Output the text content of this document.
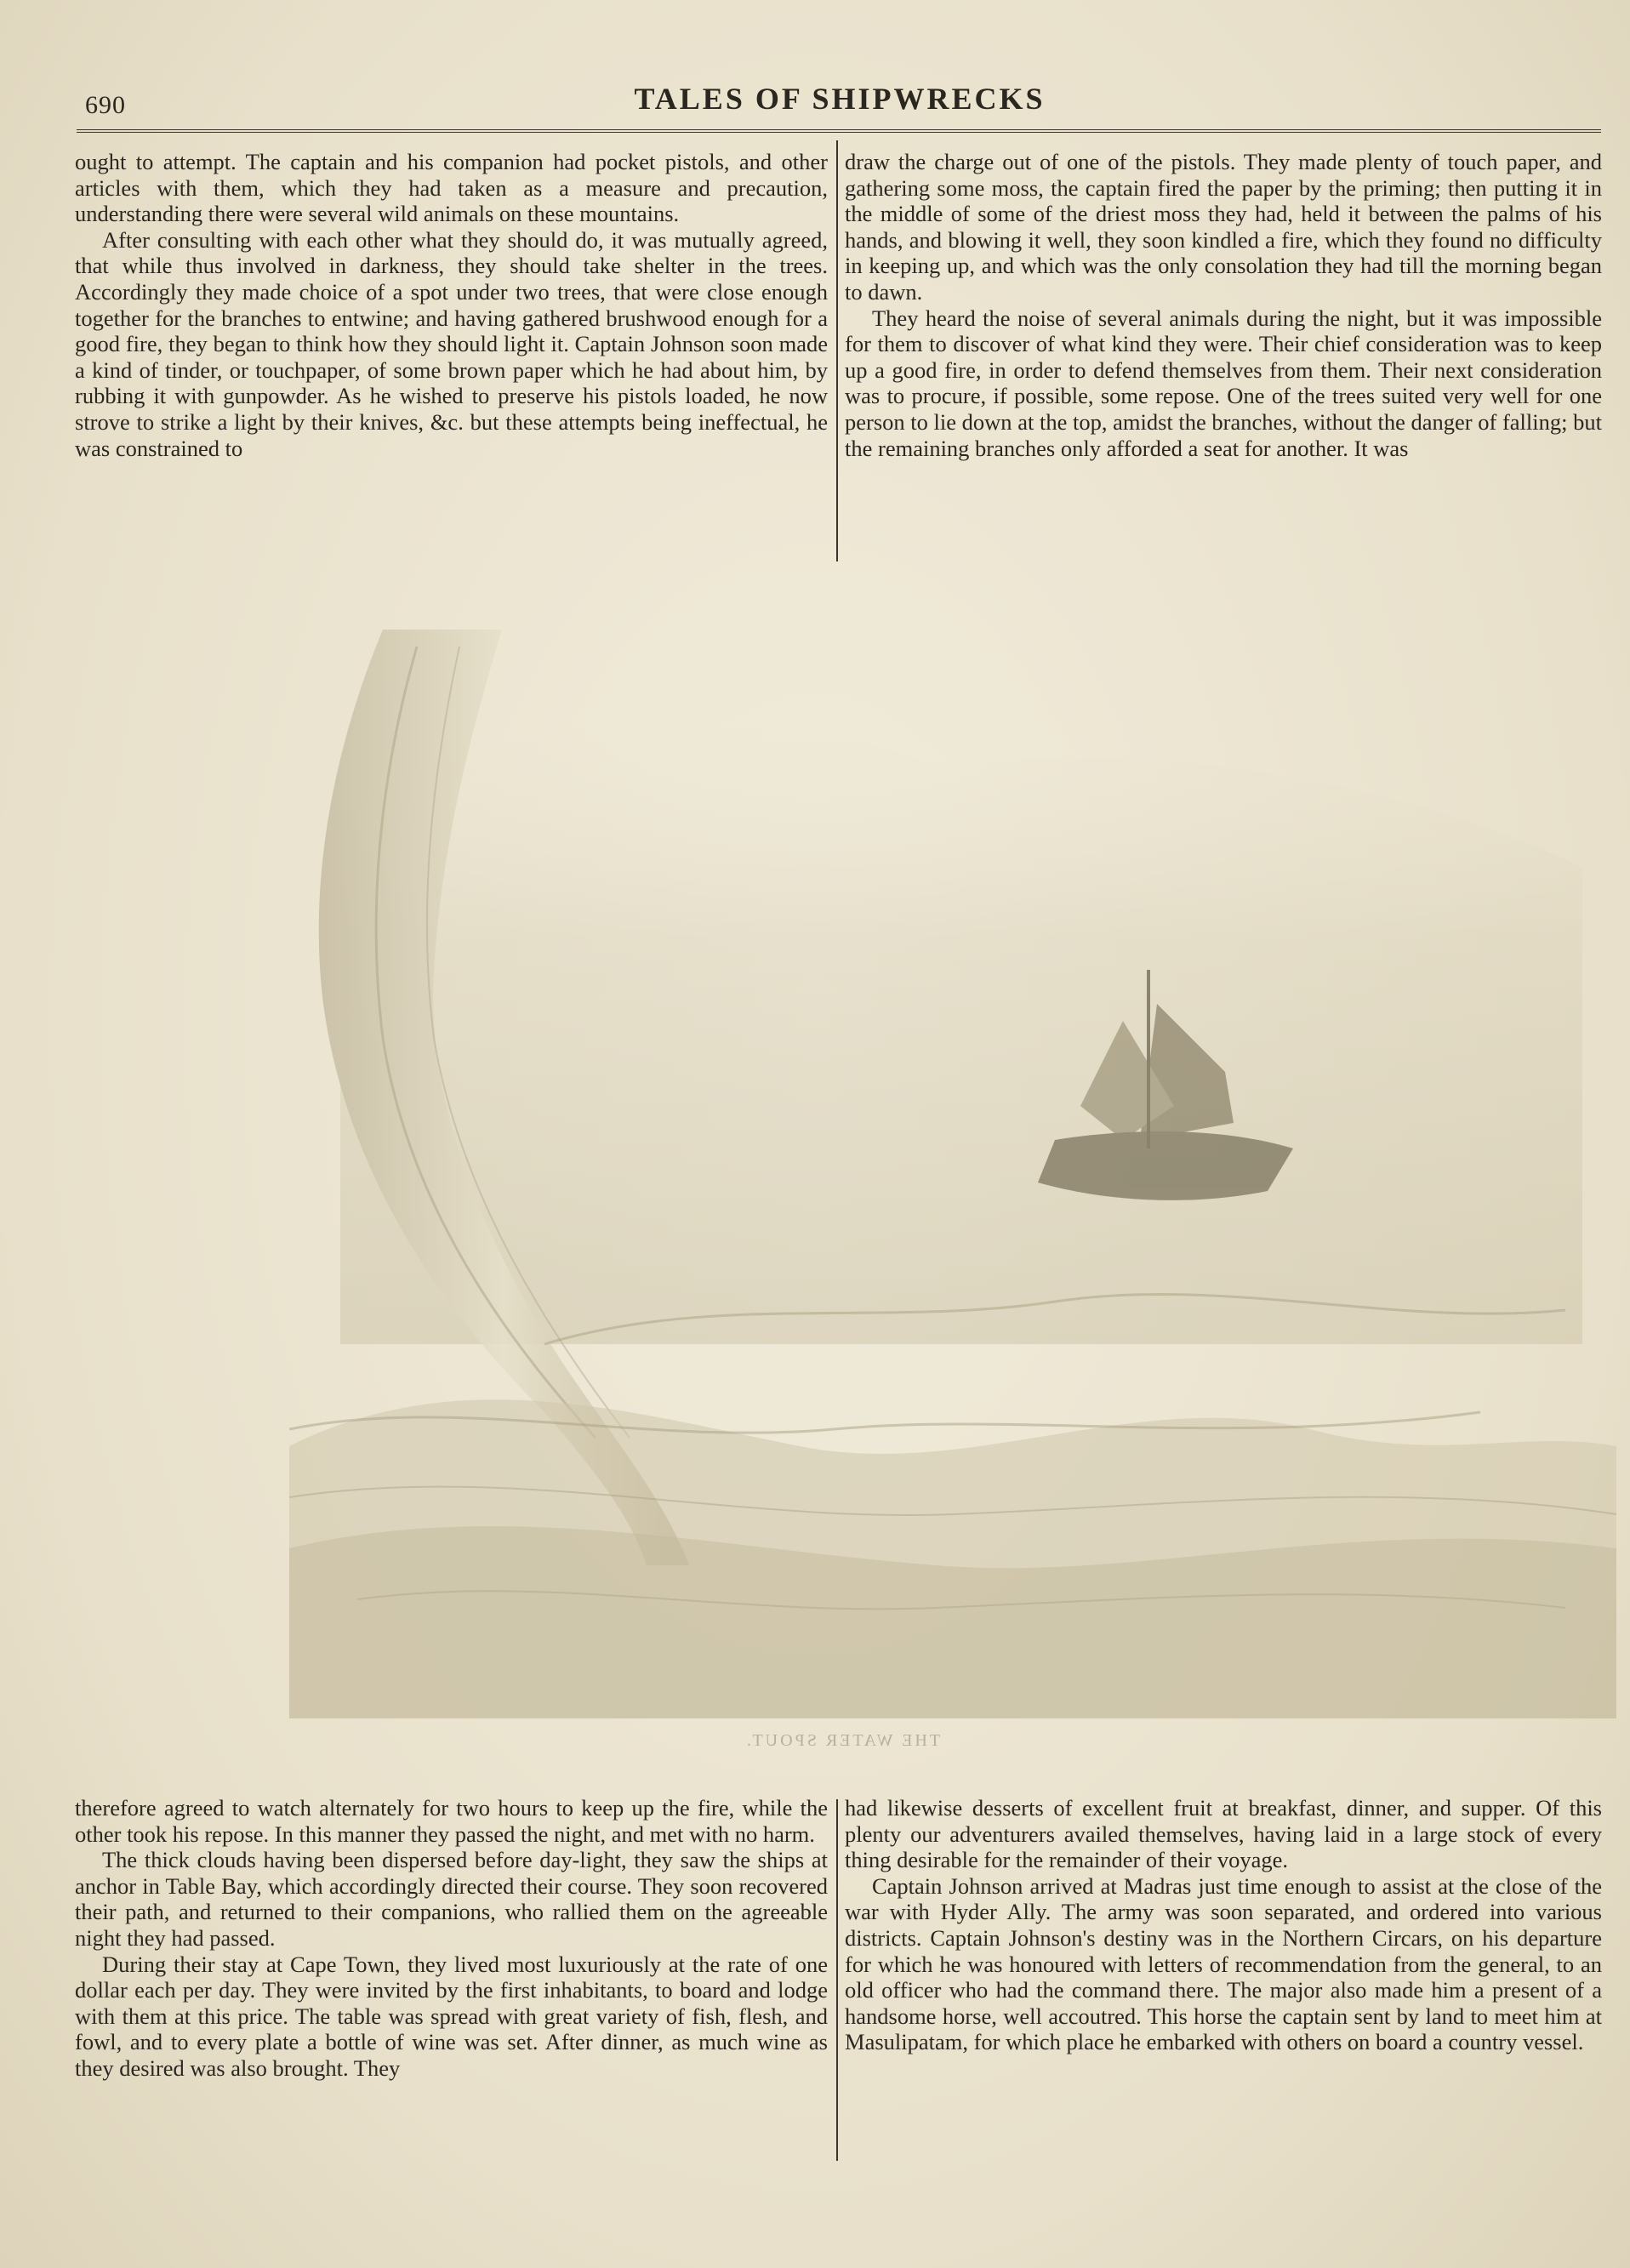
690	TALES OF SHIPWRECKS

ought to attempt. The captain and his companion had pocket pistols, and other articles with them, which they had taken as a measure and precaution, understanding there were several wild animals on these mountains.

After consulting with each other what they should do, it was mutually agreed, that while thus involved in darkness, they should take shelter in the trees. Accordingly they made choice of a spot under two trees, that were close enough together for the branches to entwine; and having gathered brushwood enough for a good fire, they began to think how they should light it. Captain Johnson soon made a kind of tinder, or touchpaper, of some brown paper which he had about him, by rubbing it with gunpowder. As he wished to preserve his pistols loaded, he now strove to strike a light by their knives, &c. but these attempts being ineffectual, he was constrained to

draw the charge out of one of the pistols. They made plenty of touch paper, and gathering some moss, the captain fired the paper by the priming; then putting it in the middle of some of the driest moss they had, held it between the palms of his hands, and blowing it well, they soon kindled a fire, which they found no difficulty in keeping up, and which was the only consolation they had till the morning began to dawn.

They heard the noise of several animals during the night, but it was impossible for them to discover of what kind they were. Their chief consideration was to keep up a good fire, in order to defend themselves from them. Their next consideration was to procure, if possible, some repose. One of the trees suited very well for one person to lie down at the top, amidst the branches, without the danger of falling; but the remaining branches only afforded a seat for another. It was

THE WATER SPOUT.

therefore agreed to watch alternately for two hours to keep up the fire, while the other took his repose. In this manner they passed the night, and met with no harm.

The thick clouds having been dispersed before day-light, they saw the ships at anchor in Table Bay, which accordingly directed their course. They soon recovered their path, and returned to their companions, who rallied them on the agreeable night they had passed.

During their stay at Cape Town, they lived most luxuriously at the rate of one dollar each per day. They were invited by the first inhabitants, to board and lodge with them at this price. The table was spread with great variety of fish, flesh, and fowl, and to every plate a bottle of wine was set. After dinner, as much wine as they desired was also brought. They

had likewise desserts of excellent fruit at breakfast, dinner, and supper. Of this plenty our adventurers availed themselves, having laid in a large stock of every thing desirable for the remainder of their voyage.

Captain Johnson arrived at Madras just time enough to assist at the close of the war with Hyder Ally. The army was soon separated, and ordered into various districts. Captain Johnson's destiny was in the Northern Circars, on his departure for which he was honoured with letters of recommendation from the general, to an old officer who had the command there. The major also made him a present of a handsome horse, well accoutred. This horse the captain sent by land to meet him at Masulipatam, for which place he embarked with others on board a country vessel.
